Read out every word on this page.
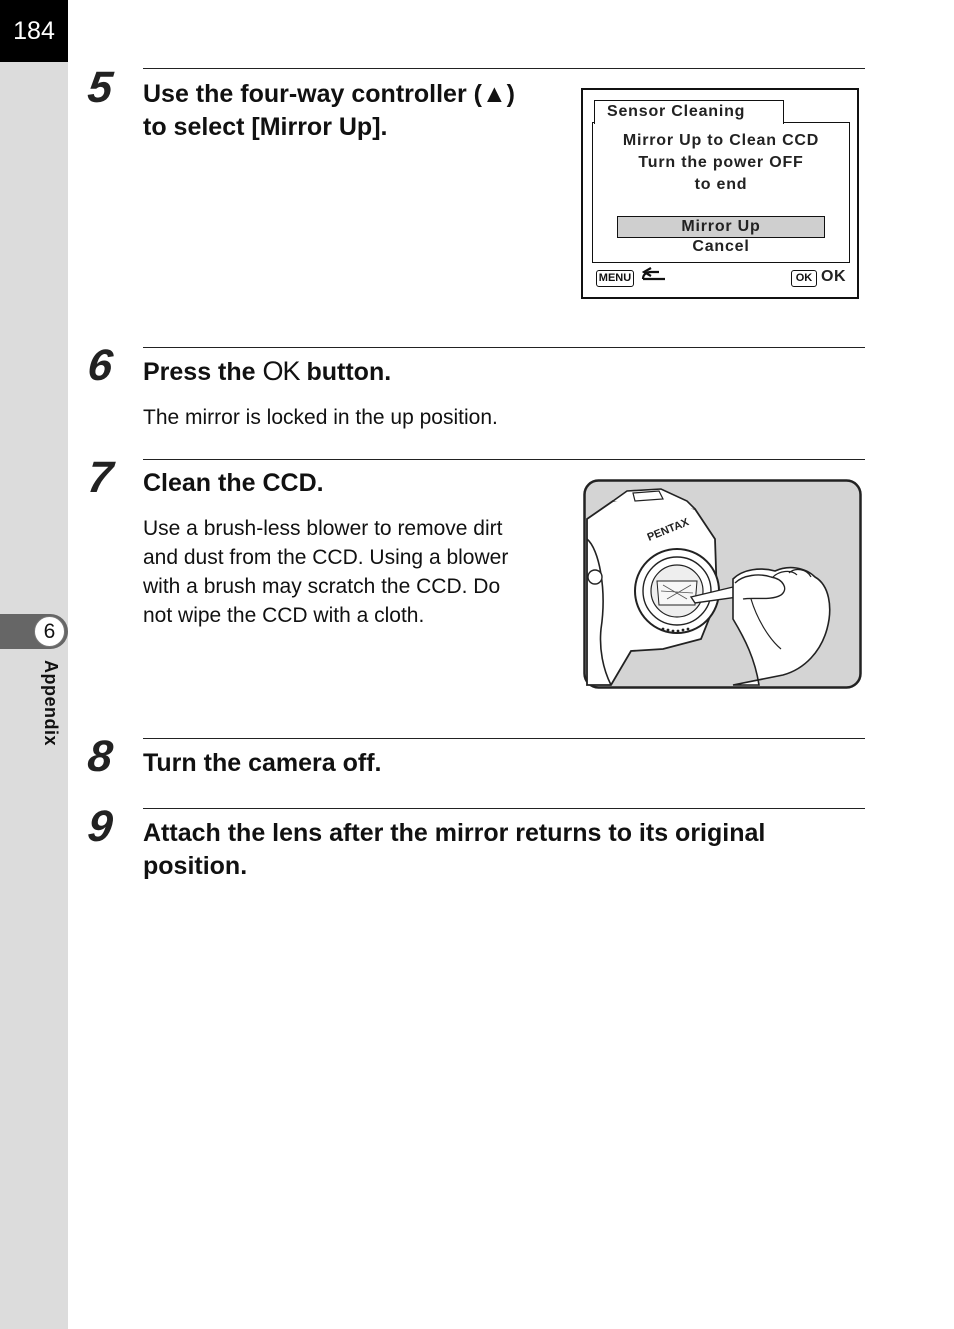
184
6
Appendix
5 Use the four-way controller (▲)
to select [Mirror Up].
Sensor Cleaning
Mirror Up to Clean CCD
Turn the power OFF
to end
Mirror Up
Cancel
MENU	OK OK
6 Press the OK button.
The mirror is locked in the up position.
7 Clean the CCD.
Use a brush-less blower to remove dirt
and dust from the CCD. Using a blower
with a brush may scratch the CCD. Do
not wipe the CCD with a cloth.
PENTAX
8 Turn the camera off.
9 Attach the lens after the mirror returns to its original
position.
